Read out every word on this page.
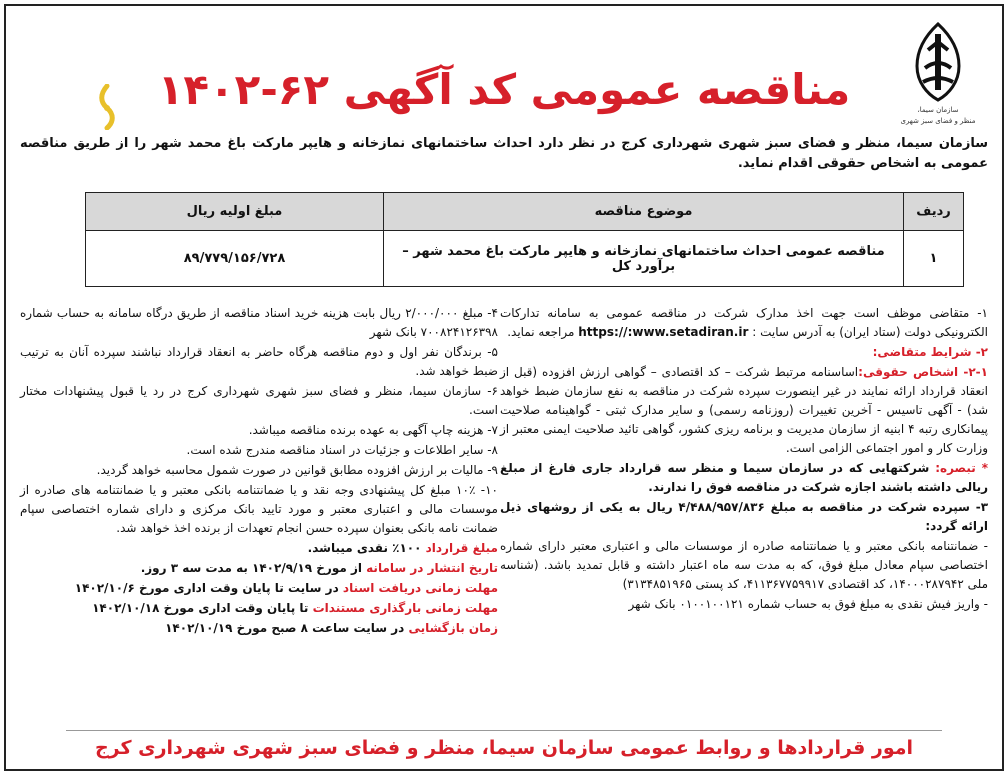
سازمان سیما،
منظر و فضای سبز شهری
مناقصه عمومی کد آگهی ۶۲-۱۴۰۲
سازمان سیما، منظر و فضای سبز شهری شهرداری کرج در نظر دارد احداث ساختمانهای نمازخانه و هایپر مارکت باغ محمد شهر را از طریق مناقصه عمومی به اشخاص حقوقی اقدام نماید.
ردیف	موضوع مناقصه	مبلغ اولیه ریال
۱	مناقصه عمومی احداث ساختمانهای نمازخانه و هایپر مارکت باغ محمد شهر – برآورد کل	۸۹/۷۷۹/۱۵۶/۷۲۸

۱- متقاضی موظف است جهت اخذ مدارک شرکت در مناقصه عمومی به سامانه تدارکات الکترونیکی دولت (ستاد ایران) به آدرس سایت : https://:www.setadiran.ir مراجعه نماید.

۲- شرایط متقاضی:

۲-۱- اشخاص حقوقی:اساسنامه مرتبط شرکت – کد اقتصادی – گواهی ارزش افزوده (قبل از انعقاد قرارداد ارائه نمایند در غیر اینصورت سپرده شرکت در مناقصه به نفع سازمان ضبط خواهد شد) - آگهی تاسیس - آخرین تغییرات (روزنامه رسمی) و سایر مدارک ثبتی - گواهینامه صلاحیت پیمانکاری رتبه ۴ ابنیه از سازمان مدیریت و برنامه ریزی کشور، گواهی تائید صلاحیت ایمنی معتبر از وزارت کار و امور اجتماعی الزامی است.

* تبصره: شرکتهایی که در سازمان سیما و منظر سه قرارداد جاری فارغ از مبلغ ریالی داشته باشند اجازه شرکت در مناقصه فوق را ندارند.

۳- سپرده شرکت در مناقصه به مبلغ ۴/۴۸۸/۹۵۷/۸۳۶ ریال به یکی از روشهای ذیل ارائه گردد:

- ضمانتنامه بانکی معتبر و یا ضمانتنامه صادره از موسسات مالی و اعتباری معتبر دارای شماره اختصاصی سپام معادل مبلغ فوق، که به مدت سه ماه اعتبار داشته و قابل تمدید باشد. (شناسه ملی ۱۴۰۰۰۲۸۷۹۴۲، کد اقتصادی ۴۱۱۳۶۷۷۵۹۹۱۷، کد پستی ۳۱۳۴۸۵۱۹۶۵)

- واریز فیش نقدی به مبلغ فوق به حساب شماره ۰۱۰۰۱۰۰۱۲۱ بانک شهر

۴- مبلغ ۲/۰۰۰/۰۰۰ ریال بابت هزینه خرید اسناد مناقصه از طریق درگاه سامانه به حساب شماره ۷۰۰۸۲۴۱۲۶۳۹۸ بانک شهر

۵- برندگان نفر اول و دوم مناقصه هرگاه حاضر به انعقاد قرارداد نباشند سپرده آنان به ترتیب ضبط خواهد شد.

۶- سازمان سیما، منظر و فضای سبز شهری شهرداری کرج در رد یا قبول پیشنهادات مختار است.

۷- هزینه چاپ آگهی به عهده برنده مناقصه میباشد.

۸- سایر اطلاعات و جزئیات در اسناد مناقصه مندرج شده است.

۹- مالیات بر ارزش افزوده مطابق قوانین در صورت شمول محاسبه خواهد گردید.

۱۰- ۱۰٪ مبلغ کل پیشنهادی وجه نقد و یا ضمانتنامه بانکی معتبر و یا ضمانتنامه های صادره از موسسات مالی و اعتباری معتبر و مورد تایید بانک مرکزی و دارای شماره اختصاصی سپام ضمانت نامه بانکی بعنوان سپرده حسن انجام تعهدات از برنده اخذ خواهد شد.

مبلغ قرارداد ۱۰۰٪ نقدی میباشد.

تاریخ انتشار در سامانه از مورخ ۱۴۰۲/۹/۱۹ به مدت سه ۳ روز.

مهلت زمانی دریافت اسناد در سایت تا پایان وقت اداری مورخ ۱۴۰۲/۱۰/۶

مهلت زمانی بارگذاری مستندات تا پایان وقت اداری مورخ ۱۴۰۲/۱۰/۱۸

زمان بازگشایی در سایت ساعت ۸ صبح مورخ ۱۴۰۲/۱۰/۱۹

امور قراردادها و روابط عمومی سازمان سیما، منظر و فضای سبز شهری شهرداری کرج
